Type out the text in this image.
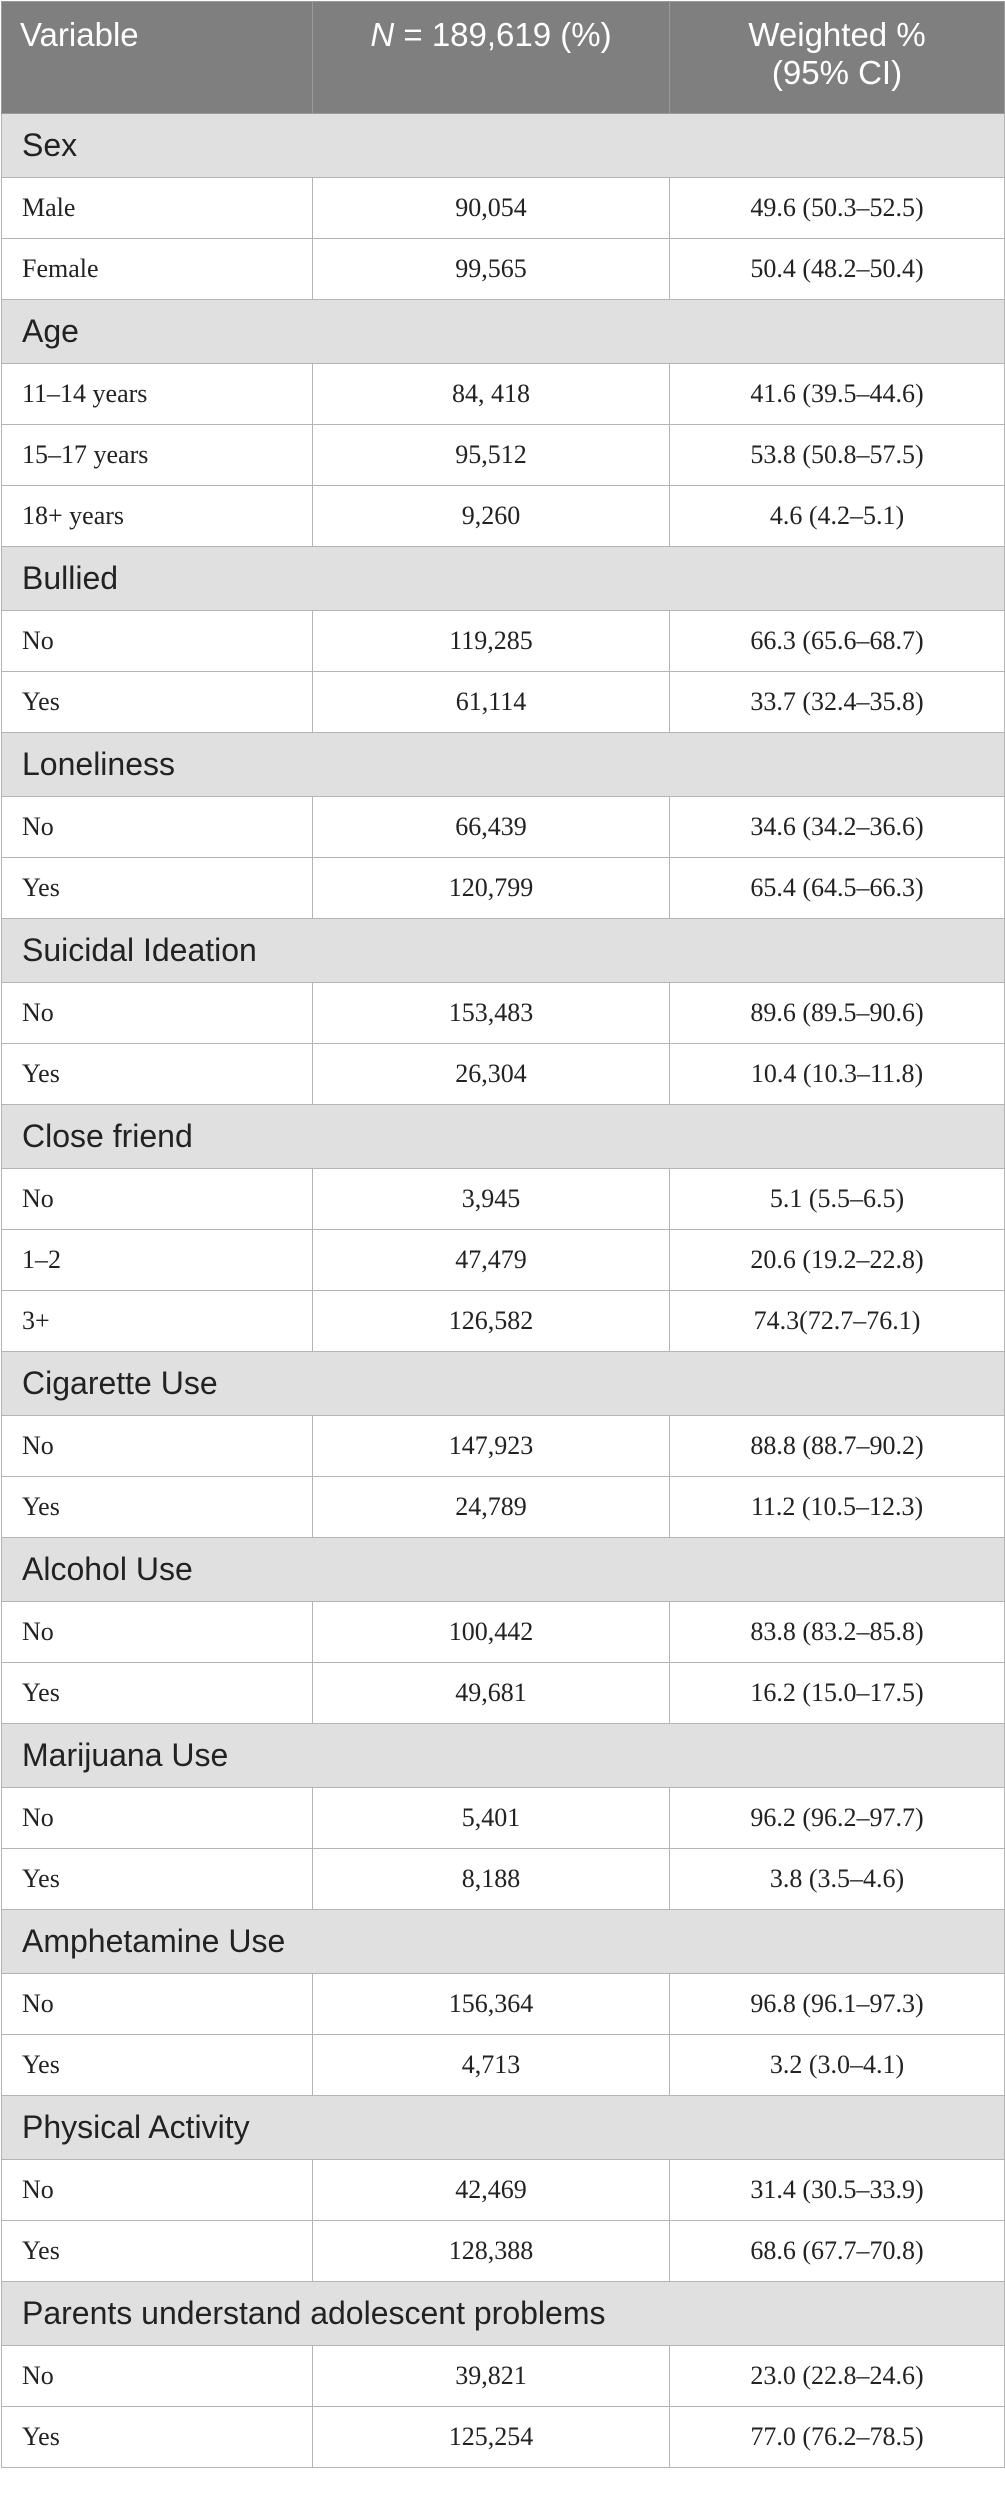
Variable	N = 189,619 (%)	Weighted %
(95% CI)
Sex		
Male	90,054	49.6 (50.3–52.5)
Female	99,565	50.4 (48.2–50.4)
Age		
11–14 years	84, 418	41.6 (39.5–44.6)
15–17 years	95,512	53.8 (50.8–57.5)
18+ years	9,260	4.6 (4.2–5.1)
Bullied		
No	119,285	66.3 (65.6–68.7)
Yes	61,114	33.7 (32.4–35.8)
Loneliness		
No	66,439	34.6 (34.2–36.6)
Yes	120,799	65.4 (64.5–66.3)
Suicidal Ideation		
No	153,483	89.6 (89.5–90.6)
Yes	26,304	10.4 (10.3–11.8)
Close friend		
No	3,945	5.1 (5.5–6.5)
1–2	47,479	20.6 (19.2–22.8)
3+	126,582	74.3(72.7–76.1)
Cigarette Use		
No	147,923	88.8 (88.7–90.2)
Yes	24,789	11.2 (10.5–12.3)
Alcohol Use		
No	100,442	83.8 (83.2–85.8)
Yes	49,681	16.2 (15.0–17.5)
Marijuana Use		
No	5,401	96.2 (96.2–97.7)
Yes	8,188	3.8 (3.5–4.6)
Amphetamine Use		
No	156,364	96.8 (96.1–97.3)
Yes	4,713	3.2 (3.0–4.1)
Physical Activity		
No	42,469	31.4 (30.5–33.9)
Yes	128,388	68.6 (67.7–70.8)
Parents understand adolescent problems		
No	39,821	23.0 (22.8–24.6)
Yes	125,254	77.0 (76.2–78.5)
